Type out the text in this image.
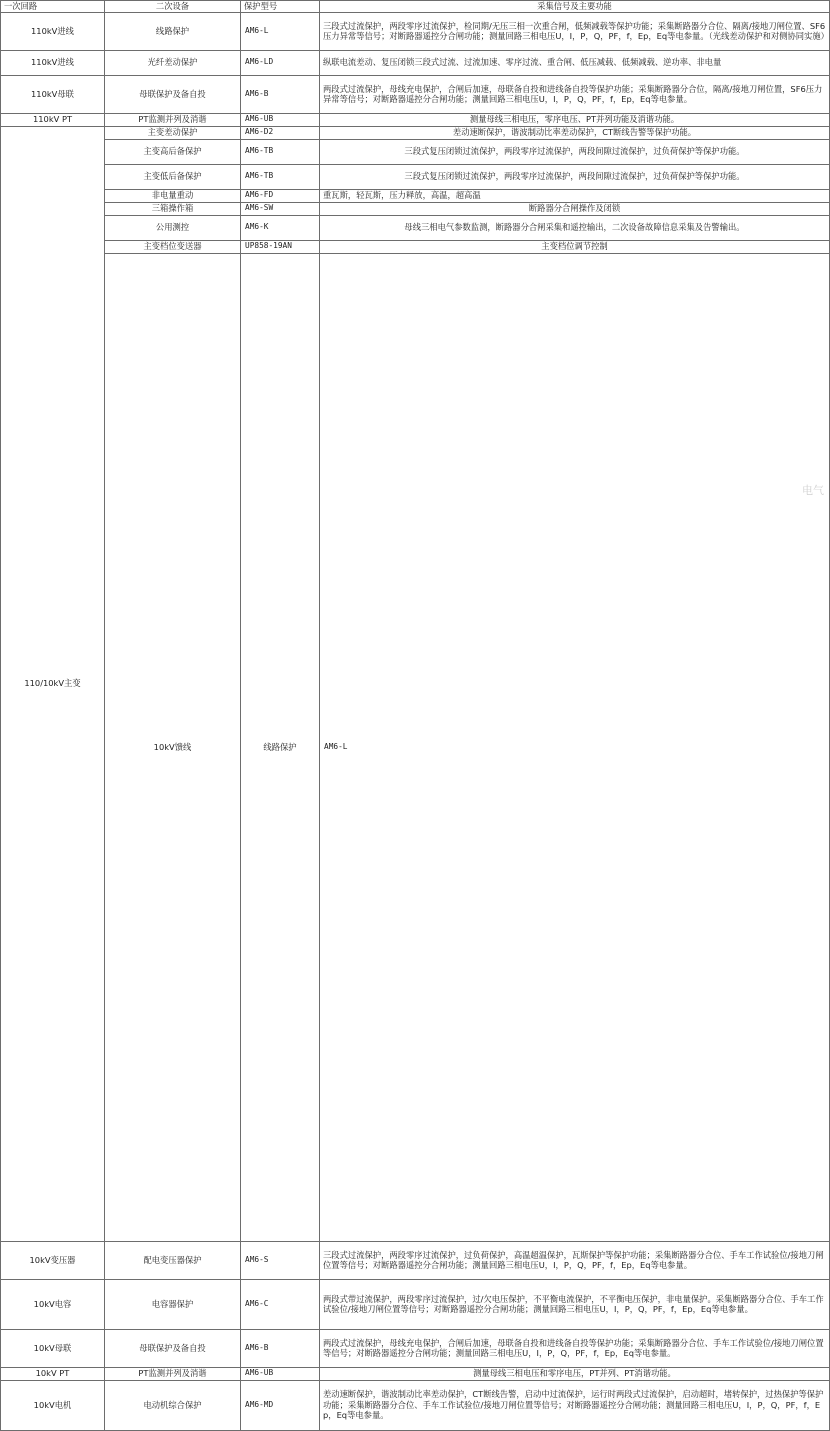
一次回路	二次设备	保护型号	采集信号及主要功能	
110kV进线	线路保护	AM6-L	三段式过流保护，两段零序过流保护，检同期/无压三相一次重合闸，低频减载等保护功能；采集断路器分合位、隔离/接地刀闸位置、SF6压力异常等信号；对断路器遥控分合闸功能；测量回路三相电压U，I，P，Q，PF，f，Ep，Eq等电参量。（光线差动保护和对侧协同实施）	
110kV进线	光纤差动保护	AM6-LD	纵联电流差动、复压闭锁三段式过流、过流加速、零序过流、重合闸、低压减载、低频减载、逆功率、非电量	
110kV母联	母联保护及备自投	AM6-B	两段式过流保护，母线充电保护，合闸后加速，母联备自投和进线备自投等保护功能；采集断路器分合位，隔离/接地刀闸位置，SF6压力异常等信号；对断路器遥控分合闸功能；测量回路三相电压U，I，P，Q，PF，f，Ep，Eq等电参量。	
110kV PT	PT监测并列及消谐	AM6-UB	测量母线三相电压，零序电压、PT并列功能及消谐功能。	
110/10kV主变	主变差动保护	AM6-D2	差动速断保护，谐波制动比率差动保护，CT断线告警等保护功能。	
	主变高后备保护	AM6-TB	三段式复压闭锁过流保护，两段零序过流保护，两段间隙过流保护，过负荷保护等保护功能。	
	主变低后备保护	AM6-TB	三段式复压闭锁过流保护，两段零序过流保护，两段间隙过流保护，过负荷保护等保护功能。	
	非电量重动	AM6-FD	重瓦斯，轻瓦斯，压力释放，高温，超高温	
	三箱操作箱	AM6-SW	断路器分合闸操作及闭锁	
	公用测控	AM6-K	母线三相电气参数监测，断路器分合闸采集和遥控输出，二次设备故障信息采集及告警输出。	
	主变档位变送器	UP858-19AN	主变档位调节控制	
	10kV馈线	线路保护	AM6-L	
10kV变压器	配电变压器保护	AM6-S	三段式过流保护，两段零序过流保护，过负荷保护，高温超温保护，瓦斯保护等保护功能；采集断路器分合位、手车工作试验位/接地刀闸位置等信号；对断路器遥控分合闸功能；测量回路三相电压U，I，P，Q，PF，f，Ep，Eq等电参量。	
10kV电容	电容器保护	AM6-C	两段式带过流保护，两段零序过流保护，过/欠电压保护，不平衡电流保护，不平衡电压保护，非电量保护。采集断路器分合位、手车工作试验位/接地刀闸位置等信号；对断路器遥控分合闸功能；测量回路三相电压U，I，P，Q，PF，f，Ep，Eq等电参量。	
10kV母联	母联保护及备自投	AM6-B	两段式过流保护，母线充电保护，合闸后加速，母联备自投和进线备自投等保护功能；采集断路器分合位、手车工作试验位/接地刀闸位置等信号；对断路器遥控分合闸功能；测量回路三相电压U，I，P，Q，PF，f，Ep，Eq等电参量。	
10kV PT	PT监测并列及消谐	AM6-UB	测量母线三相电压和零序电压，PT并列、PT消谐功能。	
10kV电机	电动机综合保护	AM6-MD	差动速断保护，谐波制动比率差动保护，CT断线告警，启动中过流保护，运行时两段式过流保护，启动超时，堵转保护，过热保护等保护功能；采集断路器分合位、手车工作试验位/接地刀闸位置等信号；对断路器遥控分合闸功能；测量回路三相电压U，I，P，Q，PF，f，Ep，Eq等电参量。	
电气
